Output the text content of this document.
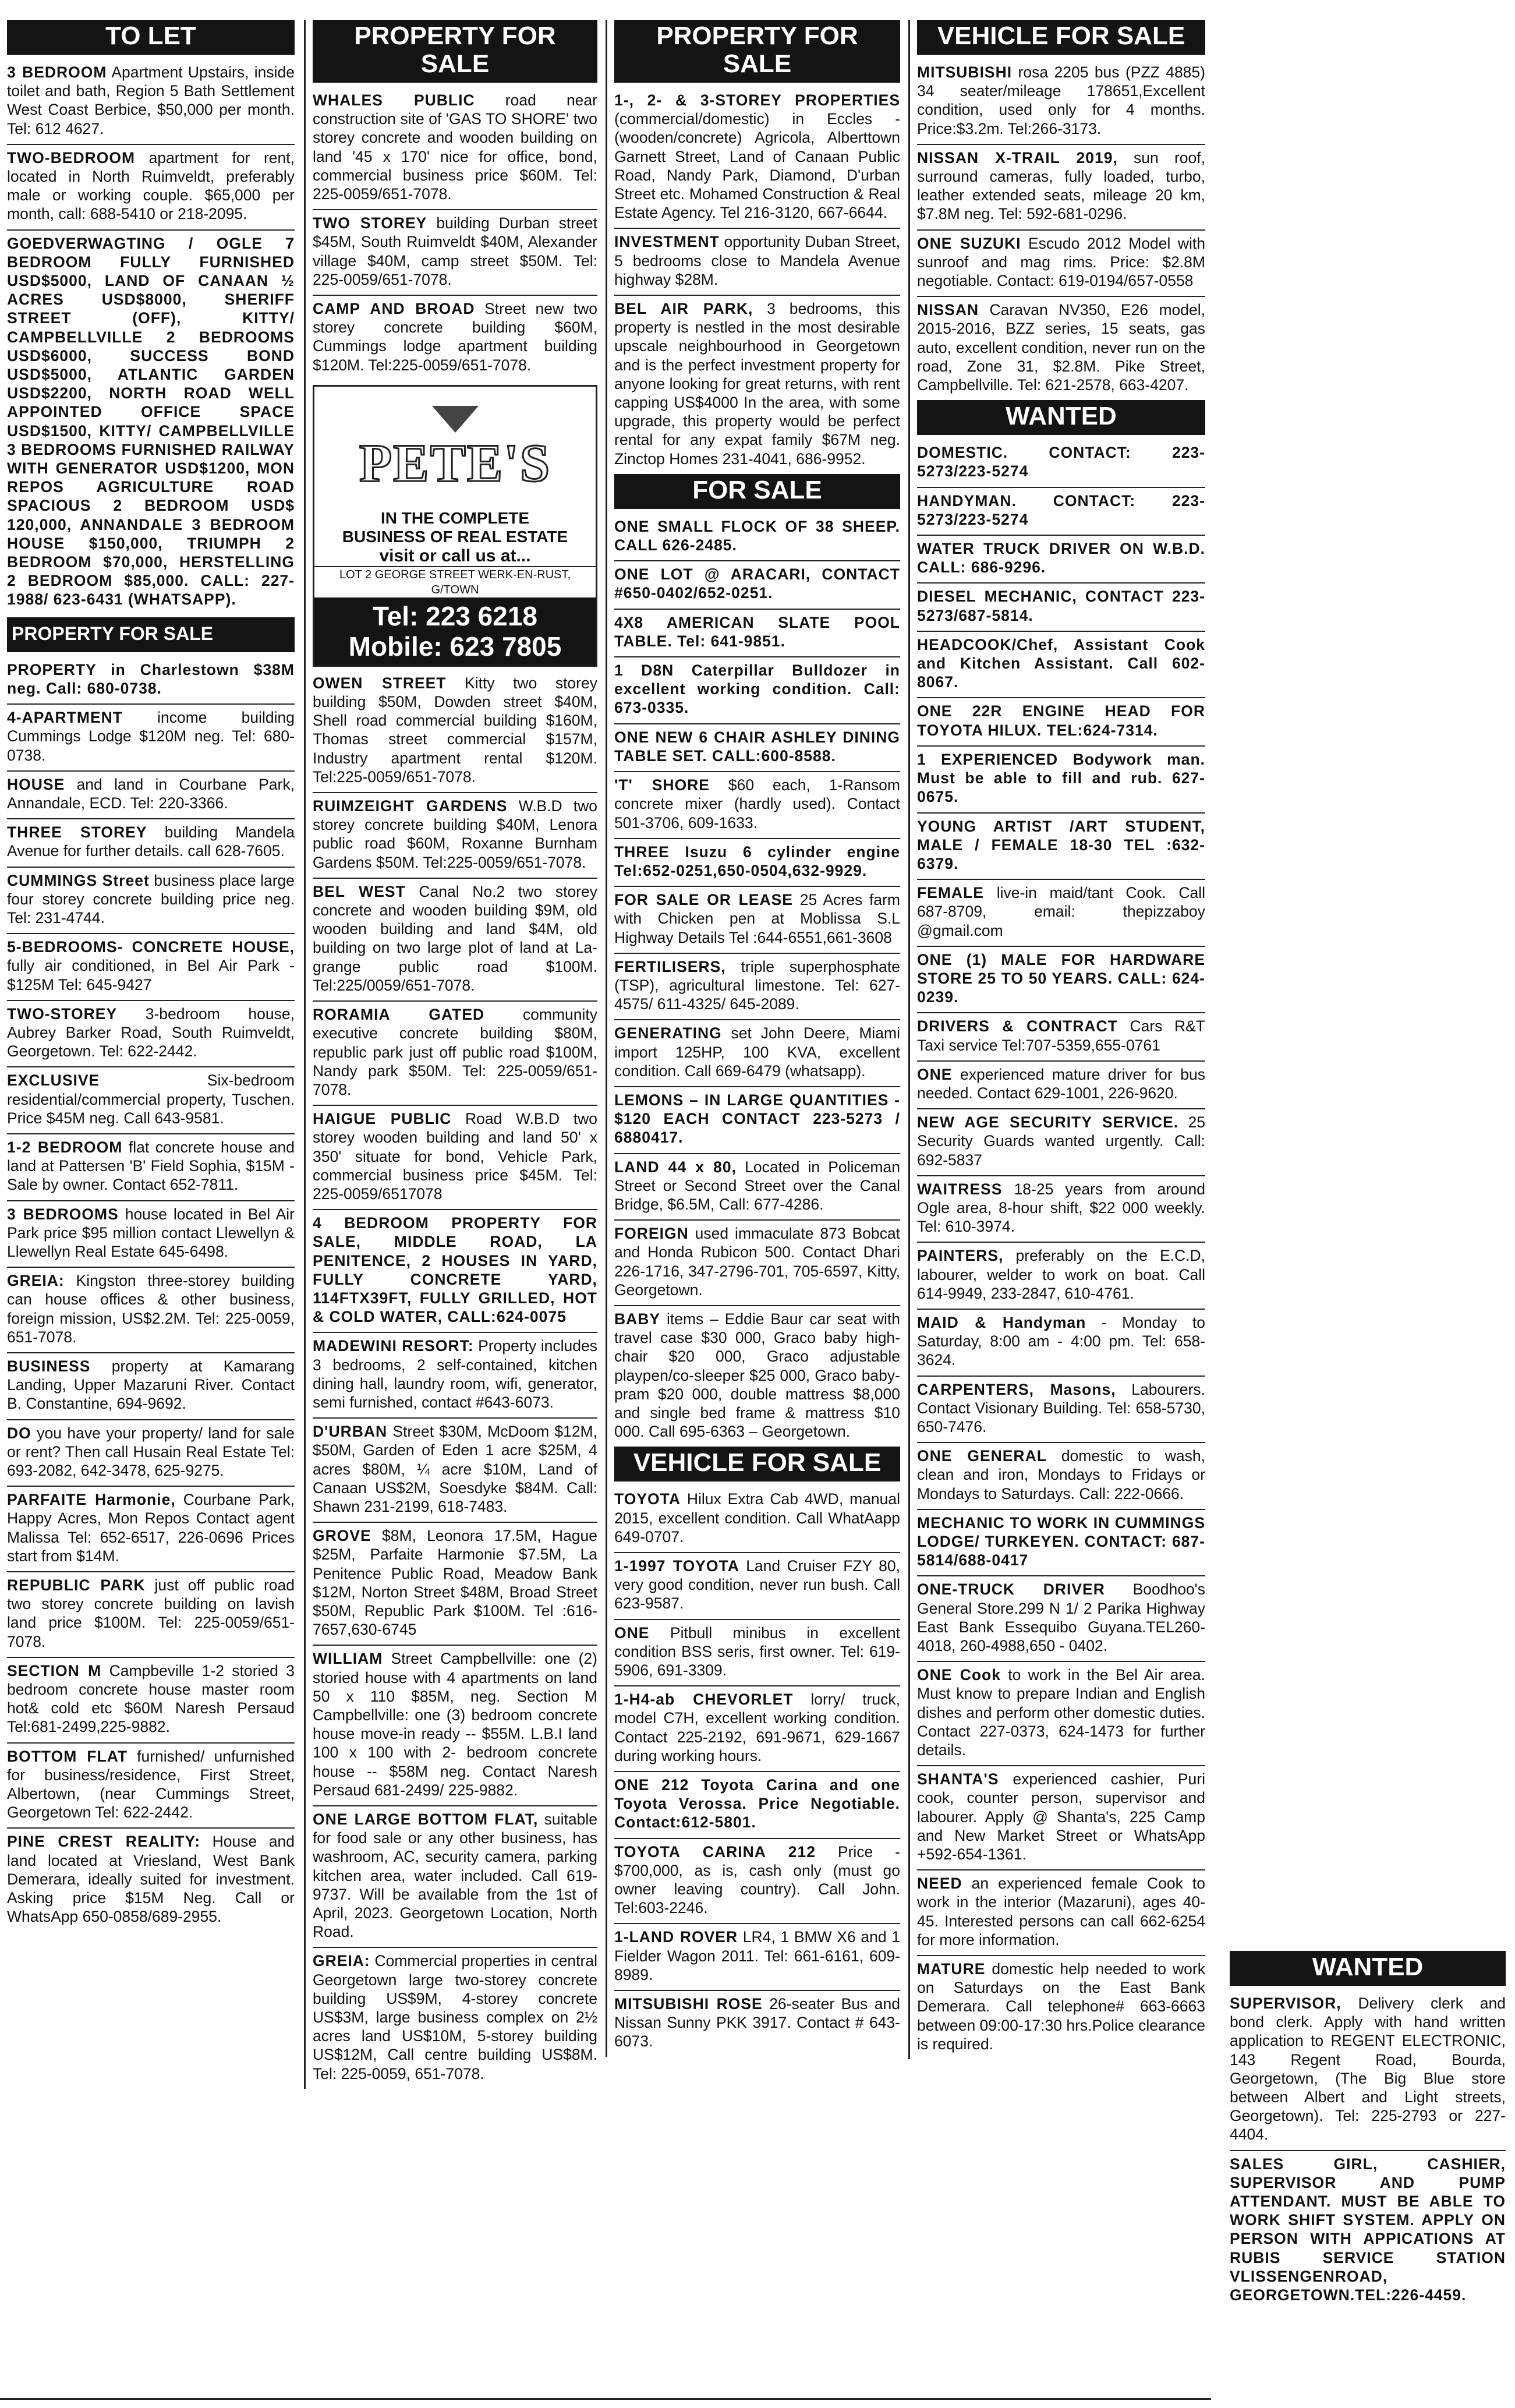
TO LET
3 BEDROOM Apartment Upstairs, inside toilet and bath, Region 5 Bath Settlement West Coast Berbice, $50,000 per month. Tel: 612 4627.
TWO-BEDROOM apartment for rent, located in North Ruimveldt, preferably male or working couple. $65,000 per month, call: 688-5410 or 218-2095.
GOEDVERWAGTING / OGLE 7 BEDROOM FULLY FURNISHED USD$5000, LAND OF CANAAN ½ ACRES USD$8000, SHERIFF STREET (OFF), KITTY/ CAMPBELLVILLE 2 BEDROOMS USD$6000, SUCCESS BOND USD$5000, ATLANTIC GARDEN USD$2200, NORTH ROAD WELL APPOINTED OFFICE SPACE USD$1500, KITTY/ CAMPBELLVILLE 3 BEDROOMS FURNISHED RAILWAY WITH GENERATOR USD$1200, MON REPOS AGRICULTURE ROAD SPACIOUS 2 BEDROOM USD$ 120,000, ANNANDALE 3 BEDROOM HOUSE $150,000, TRIUMPH 2 BEDROOM $70,000, HERSTELLING 2 BEDROOM $85,000. CALL: 227-1988/ 623-6431 (WHATSAPP).
PROPERTY FOR SALE
PROPERTY in Charlestown $38M neg. Call: 680-0738.
4-APARTMENT income building Cummings Lodge $120M neg. Tel: 680-0738.
HOUSE and land in Courbane Park, Annandale, ECD. Tel: 220-3366.
THREE STOREY building Mandela Avenue for further details. call 628-7605.
CUMMINGS Street business place large four storey concrete building price neg. Tel: 231-4744.
5-BEDROOMS- CONCRETE HOUSE, fully air conditioned, in Bel Air Park - $125M Tel: 645-9427
TWO-STOREY 3-bedroom house, Aubrey Barker Road, South Ruimveldt, Georgetown. Tel: 622-2442.
EXCLUSIVE	Six-bedroom residential/commercial property, Tuschen. Price $45M neg. Call 643-9581.
1-2 BEDROOM flat concrete house and land at Pattersen 'B' Field Sophia, $15M - Sale by owner. Contact 652-7811.
3 BEDROOMS house located in Bel Air Park price $95 million contact Llewellyn & Llewellyn Real Estate 645-6498.
GREIA: Kingston three-storey building can house offices & other business, foreign mission, US$2.2M. Tel: 225-0059, 651-7078.
BUSINESS property at Kamarang Landing, Upper Mazaruni River. Contact B. Constantine, 694-9692.
DO you have your property/ land for sale or rent? Then call Husain Real Estate Tel: 693-2082, 642-3478, 625-9275.
PARFAITE Harmonie, Courbane Park, Happy Acres, Mon Repos Contact agent Malissa Tel: 652-6517, 226-0696 Prices start from $14M.
REPUBLIC PARK just off public road two storey concrete building on lavish land price $100M. Tel: 225-0059/651-7078.
SECTION M Campbeville 1-2 storied 3 bedroom concrete house master room hot& cold etc $60M Naresh Persaud Tel:681-2499,225-9882.
BOTTOM FLAT furnished/ unfurnished for business/residence, First Street, Albertown, (near Cummings Street, Georgetown Tel: 622-2442.
PINE CREST REALITY: House and land located at Vriesland, West Bank Demerara, ideally suited for investment. Asking price $15M Neg. Call or WhatsApp 650-0858/689-2955.
PROPERTY FOR SALE
WHALES PUBLIC road near construction site of 'GAS TO SHORE' two storey concrete and wooden building on land '45 x 170' nice for office, bond, commercial business price $60M. Tel: 225-0059/651-7078.
TWO STOREY building Durban street $45M, South Ruimveldt $40M, Alexander village $40M, camp street $50M. Tel: 225-0059/651-7078.
CAMP AND BROAD Street new two storey concrete building $60M, Cummings lodge apartment building $120M. Tel:225-0059/651-7078.
PETE'S
IN THE COMPLETE
BUSINESS OF REAL ESTATE
visit or call us at...
LOT 2 GEORGE STREET WERK-EN-RUST, G/TOWN
Tel: 223 6218
Mobile: 623 7805
OWEN STREET Kitty two storey building $50M, Dowden street $40M, Shell road commercial building $160M, Thomas street commercial $157M, Industry apartment rental $120M. Tel:225-0059/651-7078.
RUIMZEIGHT GARDENS W.B.D two storey concrete building $40M, Lenora public road $60M, Roxanne Burnham Gardens $50M. Tel:225-0059/651-7078.
BEL WEST Canal No.2 two storey concrete and wooden building $9M, old wooden building and land $4M, old building on two large plot of land at La-grange public road $100M. Tel:225/0059/651-7078.
RORAMIA GATED community executive concrete building $80M, republic park just off public road $100M, Nandy park $50M. Tel: 225-0059/651-7078.
HAIGUE PUBLIC Road W.B.D two storey wooden building and land 50' x 350' situate for bond, Vehicle Park, commercial business price $45M. Tel: 225-0059/6517078
4 BEDROOM PROPERTY FOR SALE, MIDDLE ROAD, LA PENITENCE, 2 HOUSES IN YARD, FULLY CONCRETE YARD, 114FTX39FT, FULLY GRILLED, HOT & COLD WATER, CALL:624-0075
MADEWINI RESORT: Property includes 3 bedrooms, 2 self-contained, kitchen dining hall, laundry room, wifi, generator, semi furnished, contact #643-6073.
D'URBAN Street $30M, McDoom $12M, $50M, Garden of Eden 1 acre $25M, 4 acres $80M, ¼ acre $10M, Land of Canaan US$2M, Soesdyke $84M. Call: Shawn 231-2199, 618-7483.
GROVE $8M, Leonora 17.5M, Hague $25M, Parfaite Harmonie $7.5M, La Penitence Public Road, Meadow Bank $12M, Norton Street $48M, Broad Street $50M, Republic Park $100M. Tel :616-7657,630-6745
WILLIAM Street Campbellville: one (2) storied house with 4 apartments on land 50 x 110 $85M, neg. Section M Campbellville: one (3) bedroom concrete house move-in ready -- $55M. L.B.I land 100 x 100 with 2- bedroom concrete house -- $58M neg. Contact Naresh Persaud 681-2499/ 225-9882.
ONE LARGE BOTTOM FLAT, suitable for food sale or any other business, has washroom, AC, security camera, parking kitchen area, water included. Call 619-9737. Will be available from the 1st of April, 2023. Georgetown Location, North Road.
GREIA: Commercial properties in central Georgetown large two-storey concrete building US$9M, 4-storey concrete US$3M, large business complex on 2½ acres land US$10M, 5-storey building US$12M, Call centre building US$8M. Tel: 225-0059, 651-7078.
PROPERTY FOR SALE
1-, 2- & 3-STOREY PROPERTIES (commercial/domestic) in Eccles - (wooden/concrete) Agricola, Alberttown Garnett Street, Land of Canaan Public Road, Nandy Park, Diamond, D'urban Street etc. Mohamed Construction & Real Estate Agency. Tel 216-3120, 667-6644.
INVESTMENT opportunity Duban Street, 5 bedrooms close to Mandela Avenue highway $28M.
BEL AIR PARK, 3 bedrooms, this property is nestled in the most desirable upscale neighbourhood in Georgetown and is the perfect investment property for anyone looking for great returns, with rent capping US$4000 In the area, with some upgrade, this property would be perfect rental for any expat family $67M neg. Zinctop Homes 231-4041, 686-9952.
FOR SALE
ONE SMALL FLOCK OF 38 SHEEP. CALL 626-2485.
ONE LOT @ ARACARI, CONTACT #650-0402/652-0251.
4X8 AMERICAN SLATE POOL TABLE. Tel: 641-9851.
1 D8N Caterpillar Bulldozer in excellent working condition. Call: 673-0335.
ONE NEW 6 CHAIR ASHLEY DINING TABLE SET. CALL:600-8588.
'T' SHORE $60 each, 1-Ransom concrete mixer (hardly used). Contact 501-3706, 609-1633.
THREE Isuzu 6 cylinder engine Tel:652-0251,650-0504,632-9929.
FOR SALE OR LEASE 25 Acres farm with Chicken pen at Moblissa S.L Highway Details Tel :644-6551,661-3608
FERTILISERS, triple superphosphate (TSP), agricultural limestone. Tel: 627-4575/ 611-4325/ 645-2089.
GENERATING set John Deere, Miami import 125HP, 100 KVA, excellent condition. Call 669-6479 (whatsapp).
LEMONS – IN LARGE QUANTITIES - $120 EACH CONTACT 223-5273 / 6880417.
LAND 44 x 80, Located in Policeman Street or Second Street over the Canal Bridge, $6.5M, Call: 677-4286.
FOREIGN used immaculate 873 Bobcat and Honda Rubicon 500. Contact Dhari 226-1716, 347-2796-701, 705-6597, Kitty, Georgetown.
BABY items – Eddie Baur car seat with travel case $30 000, Graco baby high-chair $20 000, Graco adjustable playpen/co-sleeper $25 000, Graco baby-pram $20 000, double mattress $8,000 and single bed frame & mattress $10 000. Call 695-6363 – Georgetown.
VEHICLE FOR SALE
TOYOTA Hilux Extra Cab 4WD, manual 2015, excellent condition. Call WhatAapp 649-0707.
1-1997 TOYOTA Land Cruiser FZY 80, very good condition, never run bush. Call 623-9587.
ONE Pitbull minibus in excellent condition BSS seris, first owner. Tel: 619-5906, 691-3309.
1-H4-ab CHEVORLET lorry/ truck, model C7H, excellent working condition. Contact 225-2192, 691-9671, 629-1667 during working hours.
ONE 212 Toyota Carina and one Toyota Verossa. Price Negotiable. Contact:612-5801.
TOYOTA CARINA 212 Price - $700,000, as is, cash only (must go owner leaving country). Call John. Tel:603-2246.
1-LAND ROVER LR4, 1 BMW X6 and 1 Fielder Wagon 2011. Tel: 661-6161, 609-8989.
MITSUBISHI ROSE 26-seater Bus and Nissan Sunny PKK 3917. Contact # 643-6073.
VEHICLE FOR SALE
MITSUBISHI rosa 2205 bus (PZZ 4885) 34 seater/mileage 178651,Excellent condition, used only for 4 months. Price:$3.2m. Tel:266-3173.
NISSAN X-TRAIL 2019, sun roof, surround cameras, fully loaded, turbo, leather extended seats, mileage 20 km, $7.8M neg. Tel: 592-681-0296.
ONE SUZUKI Escudo 2012 Model with sunroof and mag rims. Price: $2.8M negotiable. Contact: 619-0194/657-0558
NISSAN Caravan NV350, E26 model, 2015-2016, BZZ series, 15 seats, gas auto, excellent condition, never run on the road, Zone 31, $2.8M. Pike Street, Campbellville. Tel: 621-2578, 663-4207.
WANTED
DOMESTIC. CONTACT: 223-5273/223-5274
HANDYMAN. CONTACT: 223-5273/223-5274
WATER TRUCK DRIVER ON W.B.D. CALL: 686-9296.
DIESEL MECHANIC, CONTACT 223-5273/687-5814.
HEADCOOK/Chef, Assistant Cook and Kitchen Assistant. Call 602-8067.
ONE 22R ENGINE HEAD FOR TOYOTA HILUX. TEL:624-7314.
1 EXPERIENCED Bodywork man. Must be able to fill and rub. 627-0675.
YOUNG ARTIST /ART STUDENT, MALE / FEMALE 18-30 TEL :632-6379.
FEMALE live-in maid/tant Cook. Call 687-8709, email: thepizzaboy @gmail.com
ONE (1) MALE FOR HARDWARE STORE 25 TO 50 YEARS. CALL: 624-0239.
DRIVERS & CONTRACT Cars R&T Taxi service Tel:707-5359,655-0761
ONE experienced mature driver for bus needed. Contact 629-1001, 226-9620.
NEW AGE SECURITY SERVICE. 25 Security Guards wanted urgently. Call: 692-5837
WAITRESS 18-25 years from around Ogle area, 8-hour shift, $22 000 weekly. Tel: 610-3974.
PAINTERS, preferably on the E.C.D, labourer, welder to work on boat. Call 614-9949, 233-2847, 610-4761.
MAID & Handyman - Monday to Saturday, 8:00 am - 4:00 pm. Tel: 658-3624.
CARPENTERS, Masons, Labourers. Contact Visionary Building. Tel: 658-5730, 650-7476.
ONE GENERAL domestic to wash, clean and iron, Mondays to Fridays or Mondays to Saturdays. Call: 222-0666.
MECHANIC TO WORK IN CUMMINGS LODGE/ TURKEYEN. CONTACT: 687-5814/688-0417
ONE-TRUCK DRIVER Boodhoo's General Store.299 N 1/ 2 Parika Highway East Bank Essequibo Guyana.TEL260-4018, 260-4988,650 - 0402.
ONE Cook to work in the Bel Air area. Must know to prepare Indian and English dishes and perform other domestic duties. Contact 227-0373, 624-1473 for further details.
SHANTA'S experienced cashier, Puri cook, counter person, supervisor and labourer. Apply @ Shanta's, 225 Camp and New Market Street or WhatsApp +592-654-1361.
NEED an experienced female Cook to work in the interior (Mazaruni), ages 40-45. Interested persons can call 662-6254 for more information.
MATURE domestic help needed to work on Saturdays on the East Bank Demerara. Call telephone# 663-6663 between 09:00-17:30 hrs.Police clearance is required.
WANTED
SUPERVISOR, Delivery clerk and bond clerk. Apply with hand written application to REGENT ELECTRONIC, 143 Regent Road, Bourda, Georgetown, (The Big Blue store between Albert and Light streets, Georgetown). Tel: 225-2793 or 227-4404.
SALES GIRL, CASHIER, SUPERVISOR AND PUMP ATTENDANT. MUST BE ABLE TO WORK SHIFT SYSTEM. APPLY ON PERSON WITH APPICATIONS AT RUBIS SERVICE STATION VLISSENGENROAD, GEORGETOWN.TEL:226-4459.
